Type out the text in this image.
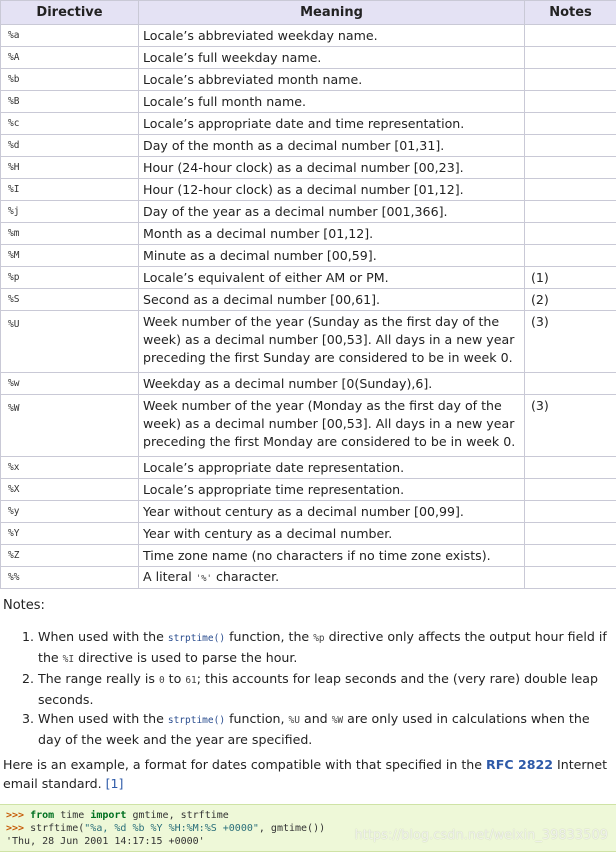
Directive	Meaning	Notes
%a	Locale’s abbreviated weekday name.	
%A	Locale’s full weekday name.	
%b	Locale’s abbreviated month name.	
%B	Locale’s full month name.	
%c	Locale’s appropriate date and time representation.	
%d	Day of the month as a decimal number [01,31].	
%H	Hour (24-hour clock) as a decimal number [00,23].	
%I	Hour (12-hour clock) as a decimal number [01,12].	
%j	Day of the year as a decimal number [001,366].	
%m	Month as a decimal number [01,12].	
%M	Minute as a decimal number [00,59].	
%p	Locale’s equivalent of either AM or PM.	(1)
%S	Second as a decimal number [00,61].	(2)
%U	Week number of the year (Sunday as the first day of the week) as a decimal number [00,53]. All days in a new year preceding the first Sunday are considered to be in week 0.	(3)
%w	Weekday as a decimal number [0(Sunday),6].	
%W	Week number of the year (Monday as the first day of the week) as a decimal number [00,53]. All days in a new year preceding the first Monday are considered to be in week 0.	(3)
%x	Locale’s appropriate date representation.	
%X	Locale’s appropriate time representation.	
%y	Year without century as a decimal number [00,99].	
%Y	Year with century as a decimal number.	
%Z	Time zone name (no characters if no time zone exists).	
%%	A literal '%' character.	
Notes:
1. When used with the strptime() function, the %p directive only affects the output hour field if the %I directive is used to parse the hour.
2. The range really is 0 to 61; this accounts for leap seconds and the (very rare) double leap seconds.
3. When used with the strptime() function, %U and %W are only used in calculations when the day of the week and the year are specified.
Here is an example, a format for dates compatible with that specified in the RFC 2822 Internet email standard. [1]
>>> from time import gmtime, strftime
>>> strftime("%a, %d %b %Y %H:%M:%S +0000", gmtime())
'Thu, 28 Jun 2001 14:17:15 +0000'	https://blog.csdn.net/weixin_39833509
